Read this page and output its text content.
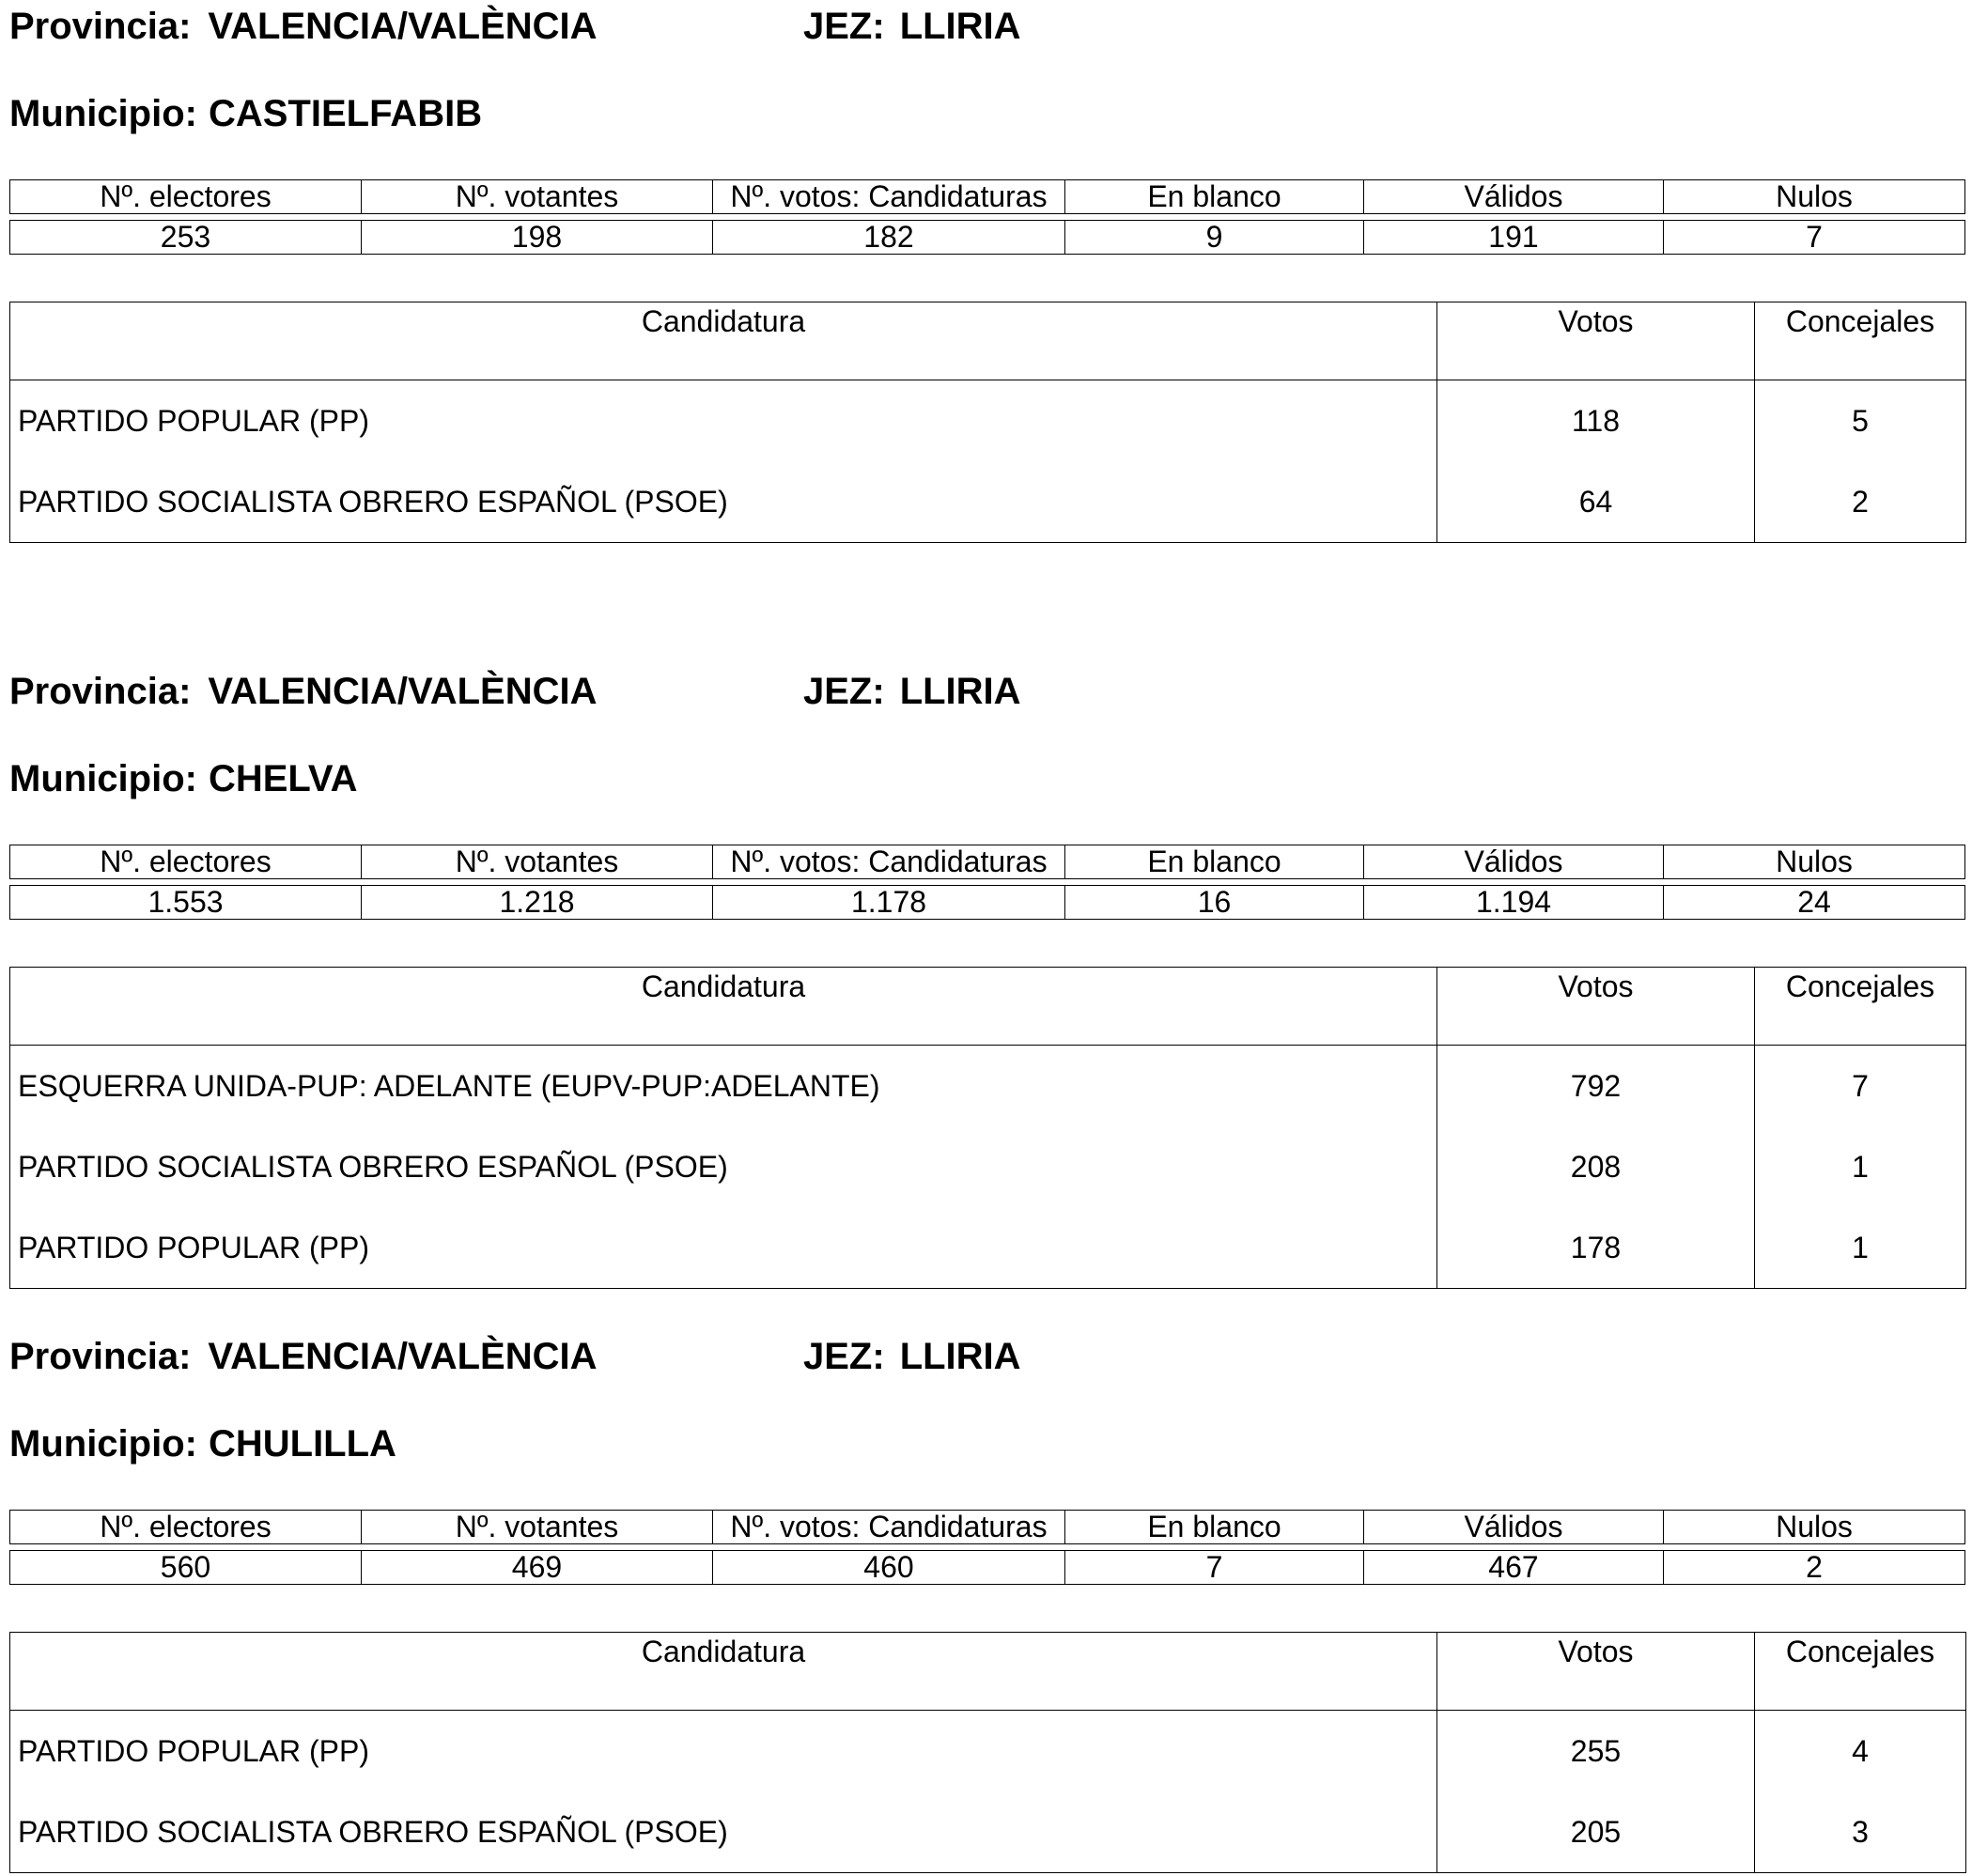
Provincia: VALENCIA/VALÈNCIA	JEZ: LLIRIA
Municipio: CASTIELFABIB
Nº. electores	Nº. votantes	Nº. votos: Candidaturas	En blanco	Válidos	Nulos

253	198	182	9	191	7
Candidatura	Votos	Concejales
PARTIDO POPULAR (PP)	118	5
PARTIDO SOCIALISTA OBRERO ESPAÑOL (PSOE)	64	2
Provincia: VALENCIA/VALÈNCIA	JEZ: LLIRIA
Municipio: CHELVA
Nº. electores	Nº. votantes	Nº. votos: Candidaturas	En blanco	Válidos	Nulos

1.553	1.218	1.178	16	1.194	24
Candidatura	Votos	Concejales
ESQUERRA UNIDA-PUP: ADELANTE (EUPV-PUP:ADELANTE)	792	7
PARTIDO SOCIALISTA OBRERO ESPAÑOL (PSOE)	208	1
PARTIDO POPULAR (PP)	178	1
Provincia: VALENCIA/VALÈNCIA	JEZ: LLIRIA
Municipio: CHULILLA
Nº. electores	Nº. votantes	Nº. votos: Candidaturas	En blanco	Válidos	Nulos

560	469	460	7	467	2
Candidatura	Votos	Concejales
PARTIDO POPULAR (PP)	255	4
PARTIDO SOCIALISTA OBRERO ESPAÑOL (PSOE)	205	3
